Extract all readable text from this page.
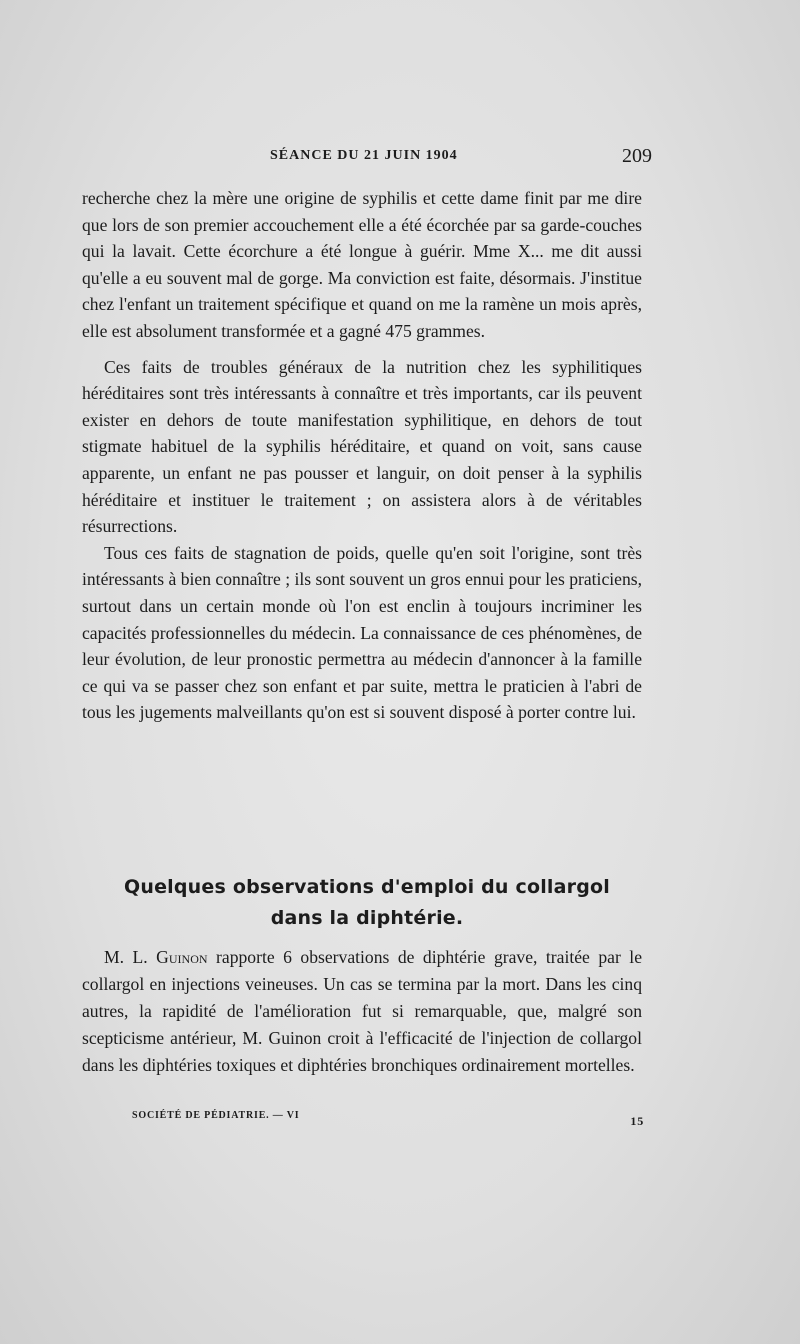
SÉANCE DU 21 JUIN 1904	209

recherche chez la mère une origine de syphilis et cette dame finit par me dire que lors de son premier accouchement elle a été écorchée par sa garde-couches qui la lavait. Cette écorchure a été longue à guérir. Mme X... me dit aussi qu'elle a eu souvent mal de gorge. Ma conviction est faite, désormais. J'institue chez l'enfant un traitement spécifique et quand on me la ramène un mois après, elle est absolument transformée et a gagné 475 grammes.

Ces faits de troubles généraux de la nutrition chez les syphilitiques héréditaires sont très intéressants à connaître et très importants, car ils peuvent exister en dehors de toute manifestation syphilitique, en dehors de tout stigmate habituel de la syphilis héréditaire, et quand on voit, sans cause apparente, un enfant ne pas pousser et languir, on doit penser à la syphilis héréditaire et instituer le traitement ; on assistera alors à de véritables résurrections.

Tous ces faits de stagnation de poids, quelle qu'en soit l'origine, sont très intéressants à bien connaître ; ils sont souvent un gros ennui pour les praticiens, surtout dans un certain monde où l'on est enclin à toujours incriminer les capacités professionnelles du médecin. La connaissance de ces phénomènes, de leur évolution, de leur pronostic permettra au médecin d'annoncer à la famille ce qui va se passer chez son enfant et par suite, mettra le praticien à l'abri de tous les jugements malveillants qu'on est si souvent disposé à porter contre lui.

Quelques observations d'emploi du collargol
dans la diphtérie.

M. L. Guinon rapporte 6 observations de diphtérie grave, traitée par le collargol en injections veineuses. Un cas se termina par la mort. Dans les cinq autres, la rapidité de l'amélioration fut si remarquable, que, malgré son scepticisme antérieur, M. Guinon croit à l'efficacité de l'injection de collargol dans les diphtéries toxiques et diphtéries bronchiques ordinairement mortelles.

SOCIÉTÉ DE PÉDIATRIE. — VI	15
